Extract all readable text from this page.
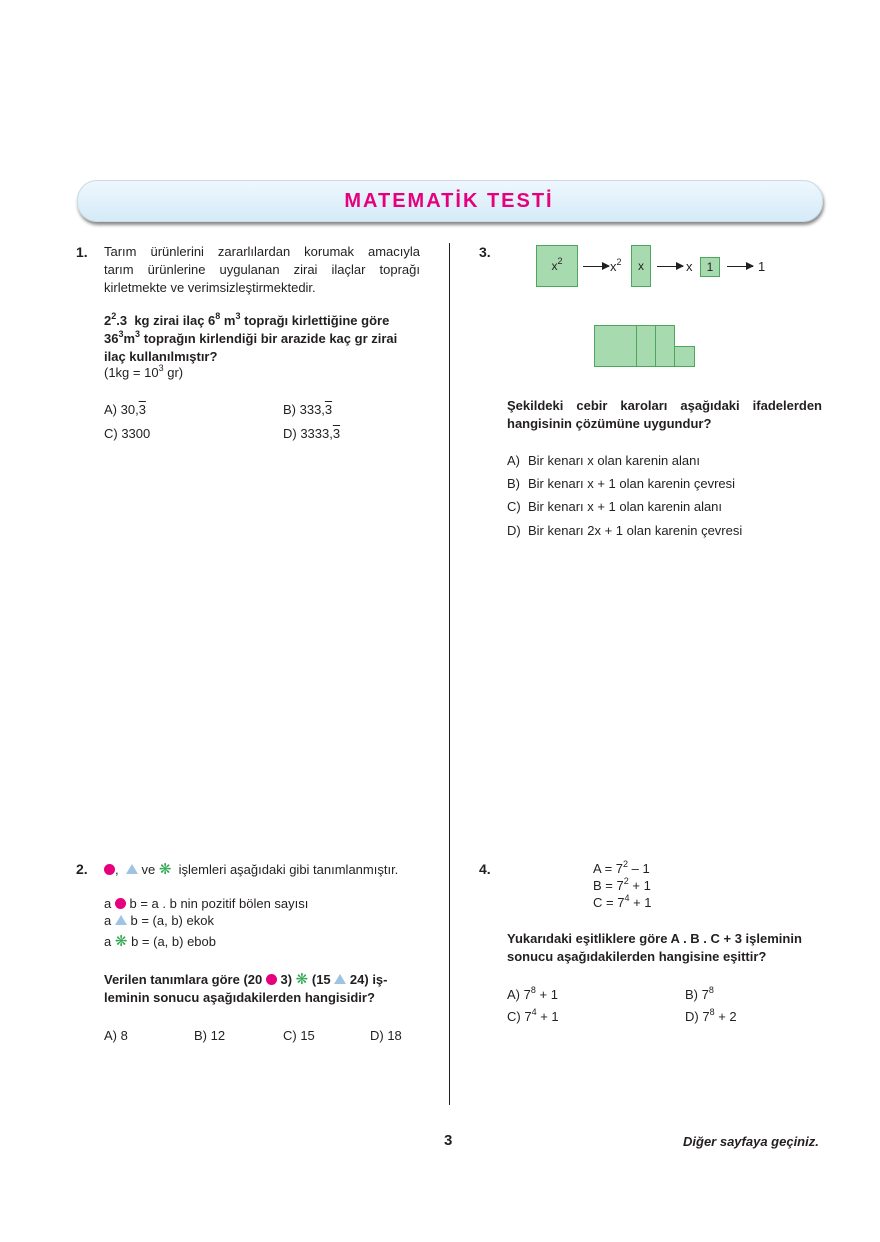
MATEMATİK TESTİ
1. Tarım ürünlerini zararlılardan korumak amacıyla
tarım ürünlerine uygulanan zirai ilaçlar toprağı
kirletmekte ve verimsizleştirmektedir.
$2^2.3$  kg zirai ilaç $6^8$ $m^3$ toprağı kirlettiğine göre
$36^3m^3$ toprağın kirlendiği bir arazide kaç gr zirai
ilaç kullanılmıştır?
($1kg = 10^3$ gr)
A) 30,3	B) 333,3
C) 3300	D) 3333,3
3.
$x^2$	$x^2$	x	x	1	1
Şekildeki cebir karoları aşağıdaki ifadelerden
hangisinin çözümüne uygundur?
A) Bir kenarı x olan karenin alanı
B) Bir kenarı x + 1 olan karenin çevresi
C) Bir kenarı x + 1 olan karenin alanı
D) Bir kenarı 2x + 1 olan karenin çevresi
2.	, ve ❋ işlemleri aşağıdaki gibi tanımlanmıştır.
a b = a . b nin pozitif bölen sayısı
a b = (a, b) ekok
a ❋ b = (a, b) ebob
Verilen tanımlara göre (20 3) ❋ (15 24) iş-
leminin sonucu aşağıdakilerden hangisidir?
A) 8	B) 12	C) 15	D) 18
4.	$A = 7^2 - 1$
$B = 7^2 + 1$
$C = 7^4 + 1$
Yukarıdaki eşitliklere göre A . B . C + 3 işleminin
sonucu aşağıdakilerden hangisine eşittir?
A) $7^8 + 1$	B) $7^8$
C) $7^4 + 1$	D) $7^8 + 2$
3	Diğer sayfaya geçiniz.
